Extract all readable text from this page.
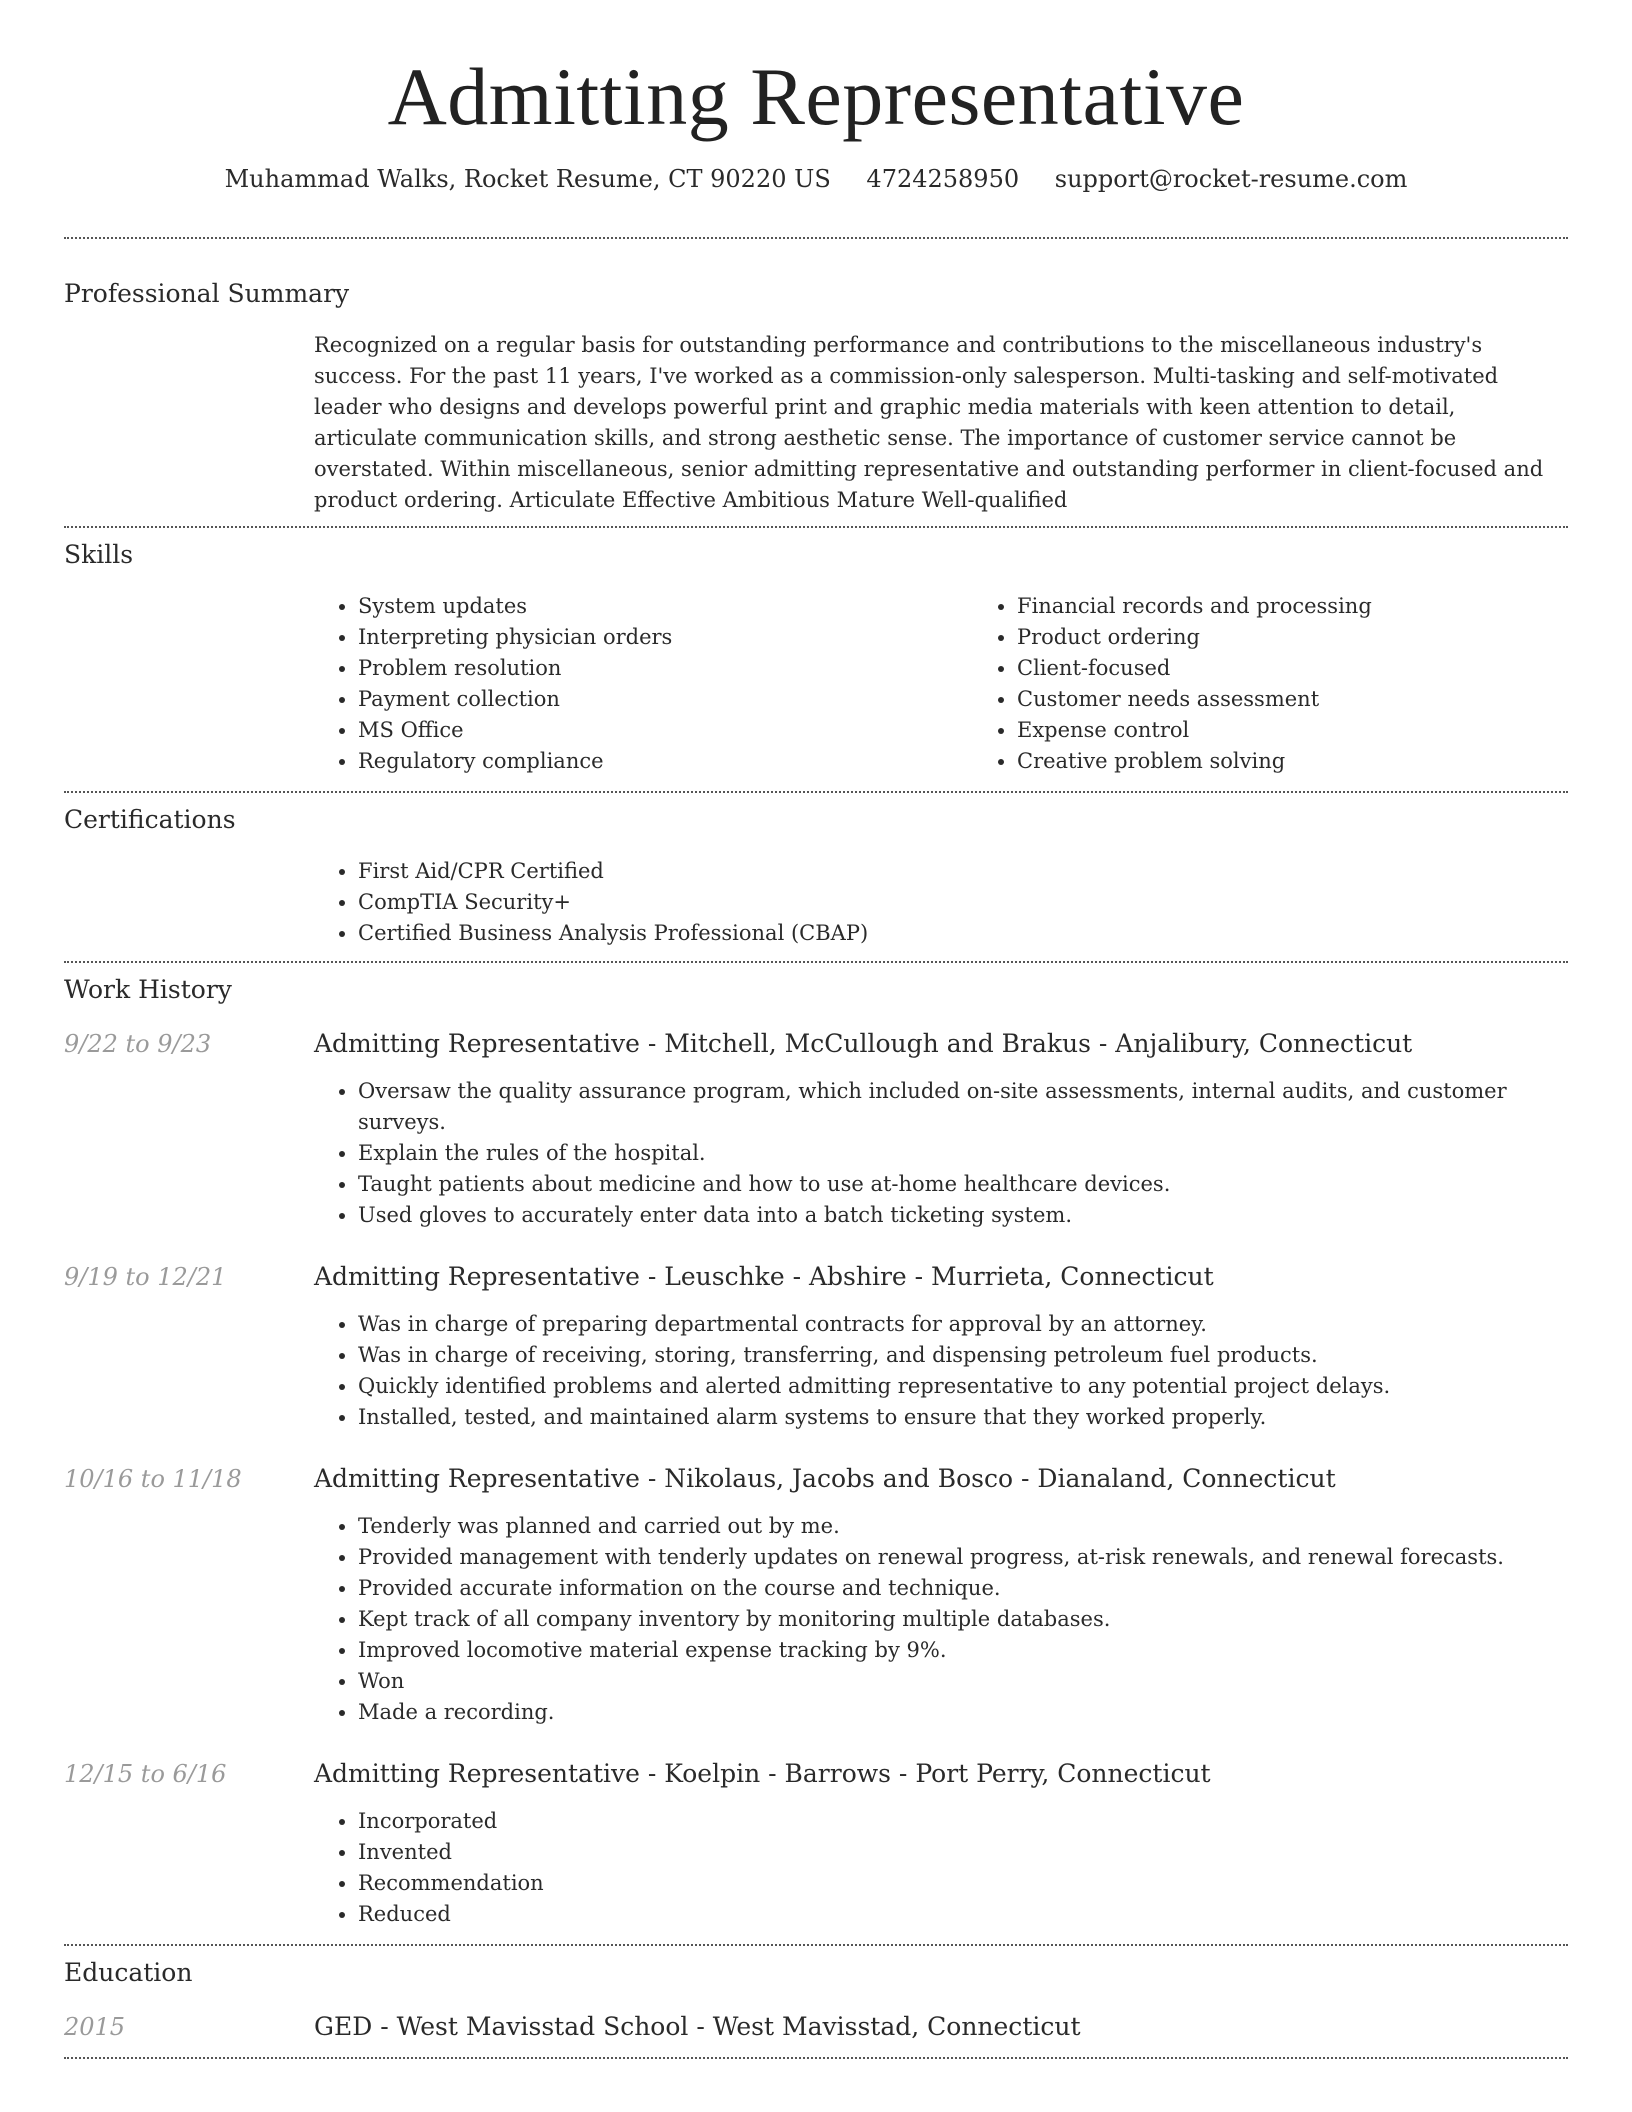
Admitting Representative
Muhammad Walks, Rocket Resume, CT 90220 US 4724258950 support@rocket-resume.com
Professional Summary
Recognized on a regular basis for outstanding performance and contributions to the miscellaneous industry's success. For the past 11 years, I've worked as a commission-only salesperson. Multi-tasking and self-motivated leader who designs and develops powerful print and graphic media materials with keen attention to detail, articulate communication skills, and strong aesthetic sense. The importance of customer service cannot be overstated. Within miscellaneous, senior admitting representative and outstanding performer in client-focused and product ordering. Articulate Effective Ambitious Mature Well-qualified
Skills
• System updates
• Interpreting physician orders
• Problem resolution
• Payment collection
• MS Office
• Regulatory compliance
• Financial records and processing
• Product ordering
• Client-focused
• Customer needs assessment
• Expense control
• Creative problem solving
Certifications
• First Aid/CPR Certified
• CompTIA Security+
• Certified Business Analysis Professional (CBAP)
Work History
9/22 to 9/23	Admitting Representative - Mitchell, McCullough and Brakus - Anjalibury, Connecticut
• Oversaw the quality assurance program, which included on-site assessments, internal audits, and customer surveys.
• Explain the rules of the hospital.
• Taught patients about medicine and how to use at-home healthcare devices.
• Used gloves to accurately enter data into a batch ticketing system.
9/19 to 12/21	Admitting Representative - Leuschke - Abshire - Murrieta, Connecticut
• Was in charge of preparing departmental contracts for approval by an attorney.
• Was in charge of receiving, storing, transferring, and dispensing petroleum fuel products.
• Quickly identified problems and alerted admitting representative to any potential project delays.
• Installed, tested, and maintained alarm systems to ensure that they worked properly.
10/16 to 11/18	Admitting Representative - Nikolaus, Jacobs and Bosco - Dianaland, Connecticut
• Tenderly was planned and carried out by me.
• Provided management with tenderly updates on renewal progress, at-risk renewals, and renewal forecasts.
• Provided accurate information on the course and technique.
• Kept track of all company inventory by monitoring multiple databases.
• Improved locomotive material expense tracking by 9%.
• Won
• Made a recording.
12/15 to 6/16	Admitting Representative - Koelpin - Barrows - Port Perry, Connecticut
• Incorporated
• Invented
• Recommendation
• Reduced
Education
2015	GED - West Mavisstad School - West Mavisstad, Connecticut
